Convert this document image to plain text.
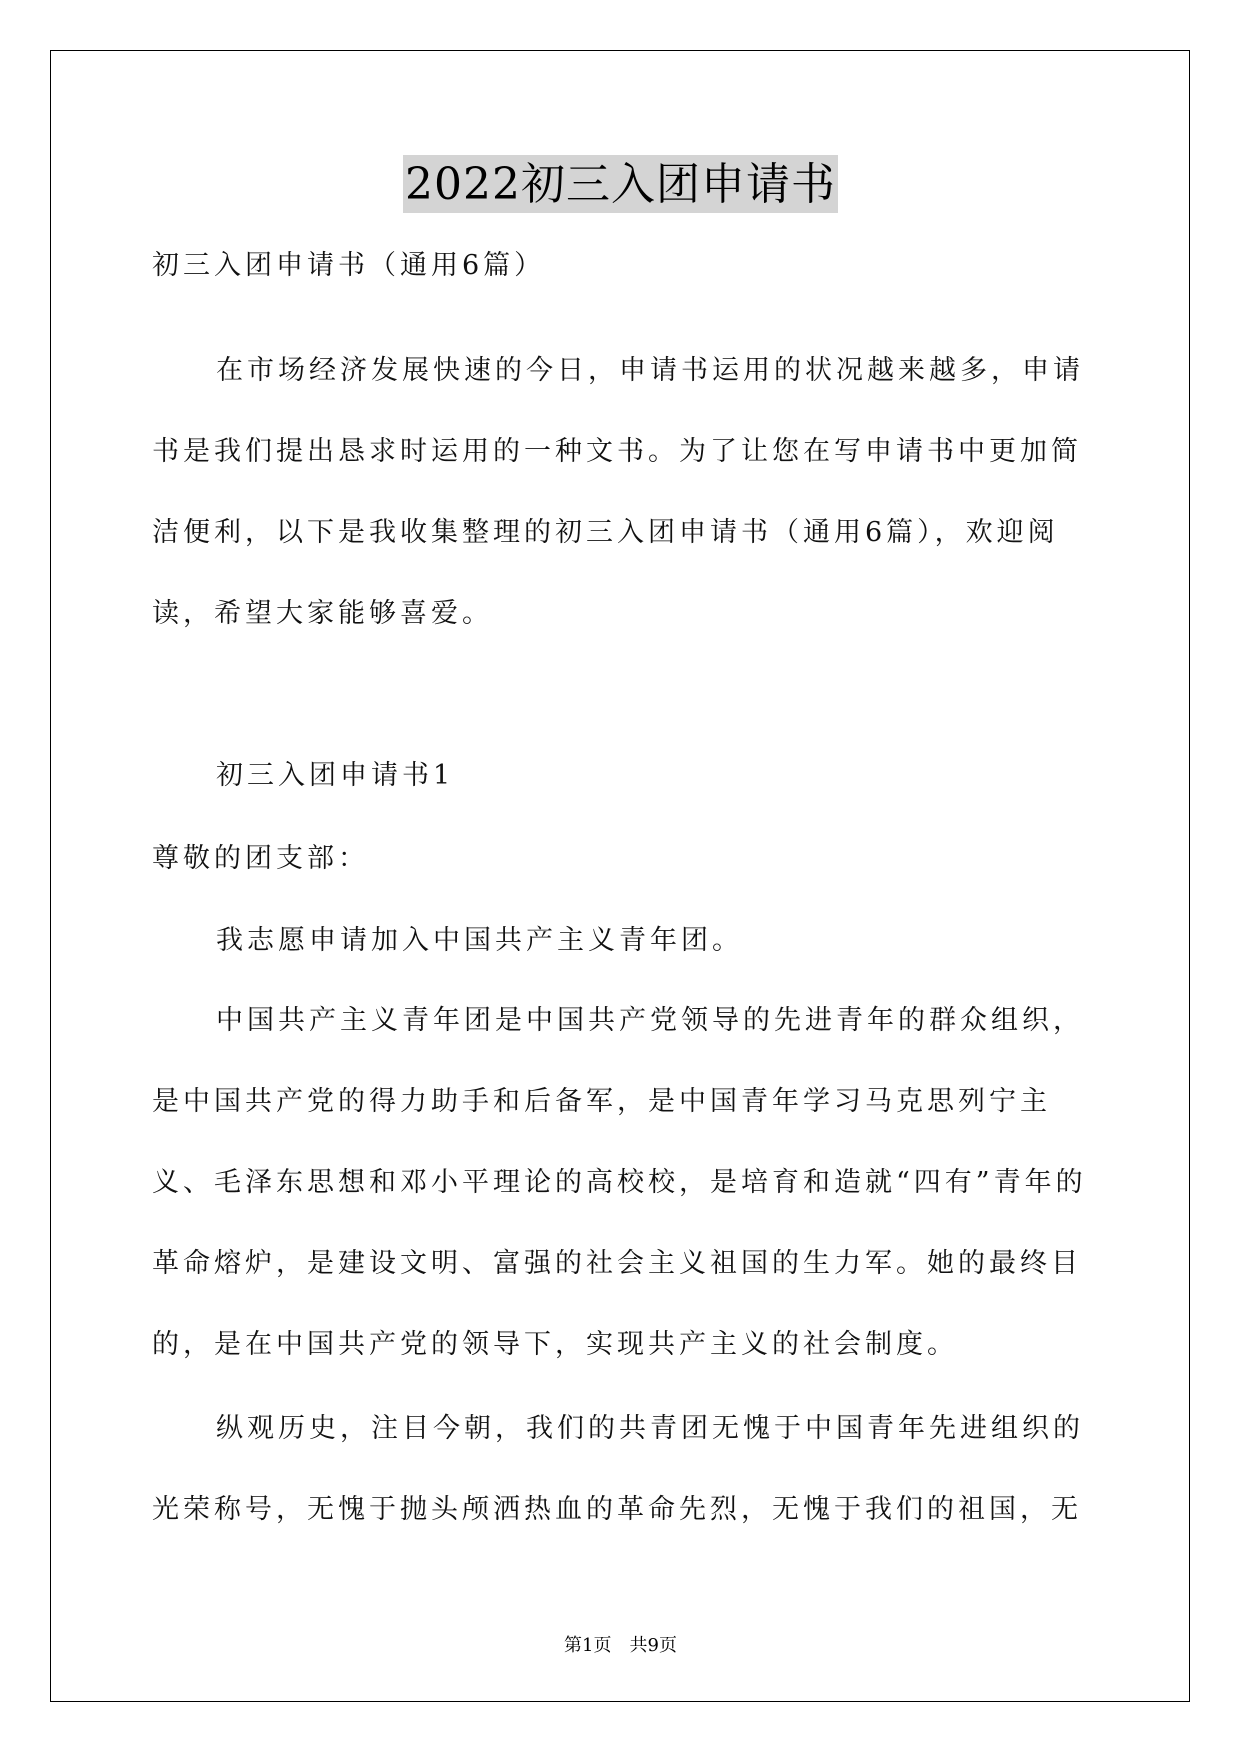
2022初三入团申请书

初三入团申请书（通用6篇）

在市场经济发展快速的今日，申请书运用的状况越来越多，申请书是我们提出恳求时运用的一种文书。为了让您在写申请书中更加简洁便利，以下是我收集整理的初三入团申请书（通用6篇），欢迎阅读，希望大家能够喜爱。

初三入团申请书1

尊敬的团支部：

我志愿申请加入中国共产主义青年团。

中国共产主义青年团是中国共产党领导的先进青年的群众组织，是中国共产党的得力助手和后备军，是中国青年学习马克思列宁主义、毛泽东思想和邓小平理论的高校校，是培育和造就“四有”青年的革命熔炉，是建设文明、富强的社会主义祖国的生力军。她的最终目的，是在中国共产党的领导下，实现共产主义的社会制度。

纵观历史，注目今朝，我们的共青团无愧于中国青年先进组织的光荣称号，无愧于抛头颅洒热血的革命先烈，无愧于我们的祖国，无

第1页　共9页
